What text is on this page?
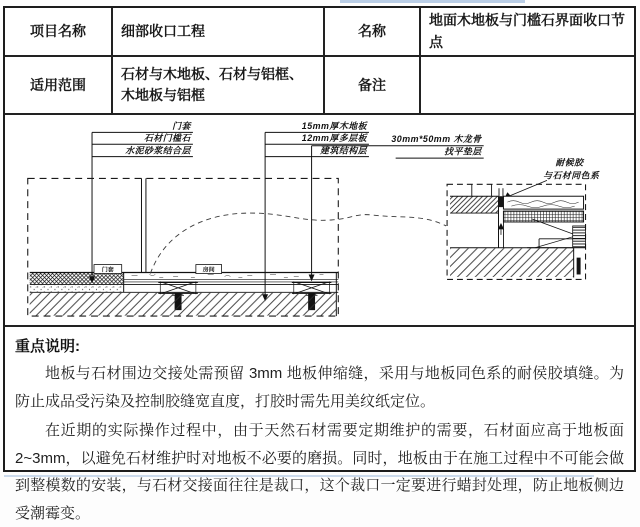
项目名称	细部收口工程	名称	地面木地板与门槛石界面收口节点
适用范围	石材与木地板、石材与铝框、木地板与铝框	备注	
门套
石材门槛石
水泥砂浆结合层
15mm厚木地板
12mm厚多层板
建筑结构层
30mm*50mm 木龙骨
找平垫层
耐候胶
与石材同色系
门套	房间
重点说明:

地板与石材围边交接处需预留 3mm 地板伸缩缝，采用与地板同色系的耐侯胶填缝。为防止成品受污染及控制胶缝宽直度，打胶时需先用美纹纸定位。

在近期的实际操作过程中，由于天然石材需要定期维护的需要，石材面应高于地板面 2~3mm，以避免石材维护时对地板不必要的磨损。同时，地板由于在施工过程中不可能会做到整模数的安装，与石材交接面往往是裁口，这个裁口一定要进行蜡封处理，防止地板侧边受潮霉变。
